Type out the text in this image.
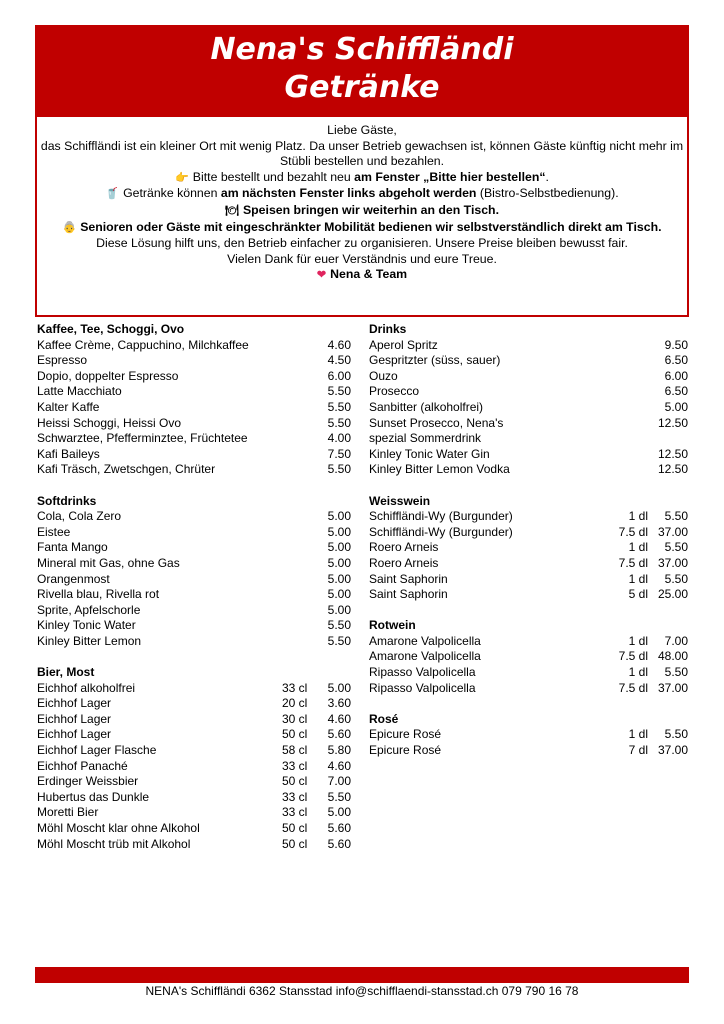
Nena's Schiffländi
Getränke
Liebe Gäste,
das Schiffländi ist ein kleiner Ort mit wenig Platz. Da unser Betrieb gewachsen ist, können Gäste künftig nicht mehr im Stübli bestellen und bezahlen.
👉 Bitte bestellt und bezahlt neu am Fenster „Bitte hier bestellen“.
🥤 Getränke können am nächsten Fenster links abgeholt werden (Bistro-Selbstbedienung).
🍽 Speisen bringen wir weiterhin an den Tisch.
👵 Senioren oder Gäste mit eingeschränkter Mobilität bedienen wir selbstverständlich direkt am Tisch.
Diese Lösung hilft uns, den Betrieb einfacher zu organisieren. Unsere Preise bleiben bewusst fair.
Vielen Dank für euer Verständnis und eure Treue.
❤ Nena & Team
Kaffee, Tee, Schoggi, Ovo
Kaffee Crème, Cappuchino, Milchkaffee	4.60
Espresso	4.50
Dopio, doppelter Espresso	6.00
Latte Macchiato	5.50
Kalter Kaffe	5.50
Heissi Schoggi, Heissi Ovo	5.50
Schwarztee, Pfefferminztee, Früchtetee	4.00
Kafi Baileys	7.50
Kafi Träsch, Zwetschgen, Chrüter	5.50
Softdrinks
Cola, Cola Zero	5.00
Eistee	5.00
Fanta Mango	5.00
Mineral mit Gas, ohne Gas	5.00
Orangenmost	5.00
Rivella blau, Rivella rot	5.00
Sprite, Apfelschorle	5.00
Kinley Tonic Water	5.50
Kinley Bitter Lemon	5.50
Bier, Most
Eichhof alkoholfrei	33 cl 5.00
Eichhof Lager	20 cl 3.60
Eichhof Lager	30 cl 4.60
Eichhof Lager	50 cl 5.60
Eichhof Lager Flasche	58 cl 5.80
Eichhof Panaché	33 cl 4.60
Erdinger Weissbier	50 cl 7.00
Hubertus das Dunkle	33 cl 5.50
Moretti Bier	33 cl 5.00
Möhl Moscht klar ohne Alkohol	50 cl 5.60
Möhl Moscht trüb mit Alkohol	50 cl 5.60
Drinks
Aperol Spritz	9.50
Gespritzter (süss, sauer)	6.50
Ouzo	6.00
Prosecco	6.50
Sanbitter (alkoholfrei)	5.00
Sunset Prosecco, Nena's spezial Sommerdrink
12.50
Kinley Tonic Water Gin	12.50
Kinley Bitter Lemon Vodka	12.50
Weisswein
Schiffländi-Wy (Burgunder)	1 dl 5.50
Schiffländi-Wy (Burgunder)	7.5 dl 37.00
Roero Arneis	1 dl 5.50
Roero Arneis	7.5 dl 37.00
Saint Saphorin	1 dl 5.50
Saint Saphorin	5 dl 25.00
Rotwein
Amarone Valpolicella	1 dl 7.00
Amarone Valpolicella	7.5 dl 48.00
Ripasso Valpolicella	1 dl 5.50
Ripasso Valpolicella	7.5 dl 37.00
Rosé
Epicure Rosé	1 dl 5.50
Epicure Rosé	7 dl 37.00
NENA's Schiffländi 6362 Stansstad info@schifflaendi-stansstad.ch 079 790 16 78
